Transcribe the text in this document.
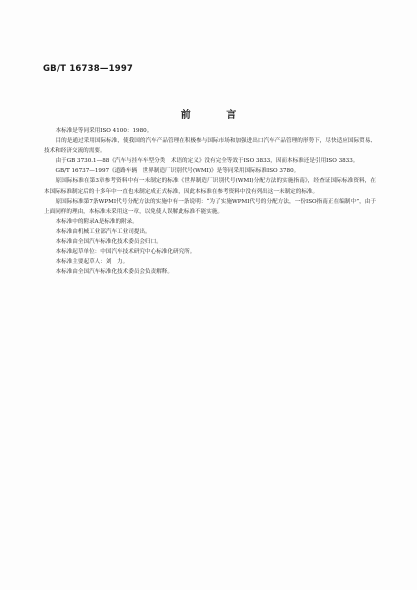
GB/T 16738—1997
前 言

本标准是等同采用ISO 4100：1980。

目的是通过采用国际标准，使我国的汽车产品管理在积极参与国际市场和加强进出口汽车产品管理的形势下，尽快适应国际贸易、技术和经济交流的需要。

由于GB 3730.1—88《汽车与挂车车型分类　术语的定义》没有完全等效于ISO 3833，因而本标准还是引用ISO 3833。

GB/T 16737—1997《道路车辆　世界制造厂识别代号(WMI)》是等同采用国际标准ISO 3780。

原国际标准在第3章参考资料中有一未制定的标准《世界制造厂识别代号(WMI)分配方法的实施指南》，经查证国际标准资料，在本国际标准制定后的十多年中一直也未制定成正式标准，因此本标准在参考资料中没有列出这一未制定的标准。

原国际标准第7条WPMI代号分配方法的实施中有一条说明：“为了实施WPMI代号的分配方法，一份ISO指南正在编制中”，由于上面同样的理由，本标准未采用这一章，以免使人误解此标准不能实施。

本标准中的附录A是标准的附录。

本标准由机械工业部汽车工业司提出。

本标准由全国汽车标准化技术委员会归口。

本标准起草单位：中国汽车技术研究中心标准化研究所。

本标准主要起草人：刘　力。

本标准由全国汽车标准化技术委员会负责解释。
